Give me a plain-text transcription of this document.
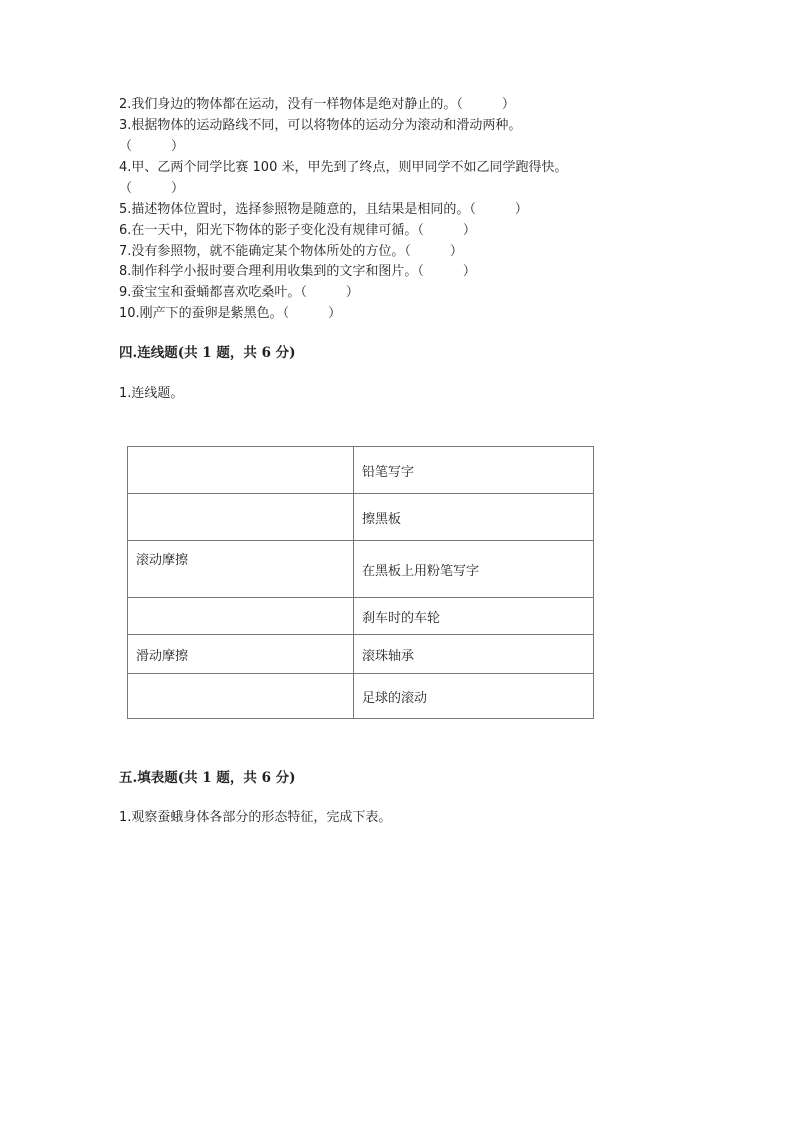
2.我们身边的物体都在运动，没有一样物体是绝对静止的。（　　　）
3.根据物体的运动路线不同，可以将物体的运动分为滚动和滑动两种。
（　　　）
4.甲、乙两个同学比赛 100 米，甲先到了终点，则甲同学不如乙同学跑得快。
（　　　）
5.描述物体位置时，选择参照物是随意的，且结果是相同的。（　　　）
6.在一天中，阳光下物体的影子变化没有规律可循。（　　　）
7.没有参照物，就不能确定某个物体所处的方位。（　　　）
8.制作科学小报时要合理利用收集到的文字和图片。（　　　）
9.蚕宝宝和蚕蛹都喜欢吃桑叶。（　　　）
10.刚产下的蚕卵是紫黑色。（　　　）
四.连线题(共 1 题，共 6 分)
1.连线题。
	铅笔写字
	擦黑板
滚动摩擦	在黑板上用粉笔写字
	刹车时的车轮
滑动摩擦	滚珠轴承
	足球的滚动
五.填表题(共 1 题，共 6 分)
1.观察蚕蛾身体各部分的形态特征，完成下表。
